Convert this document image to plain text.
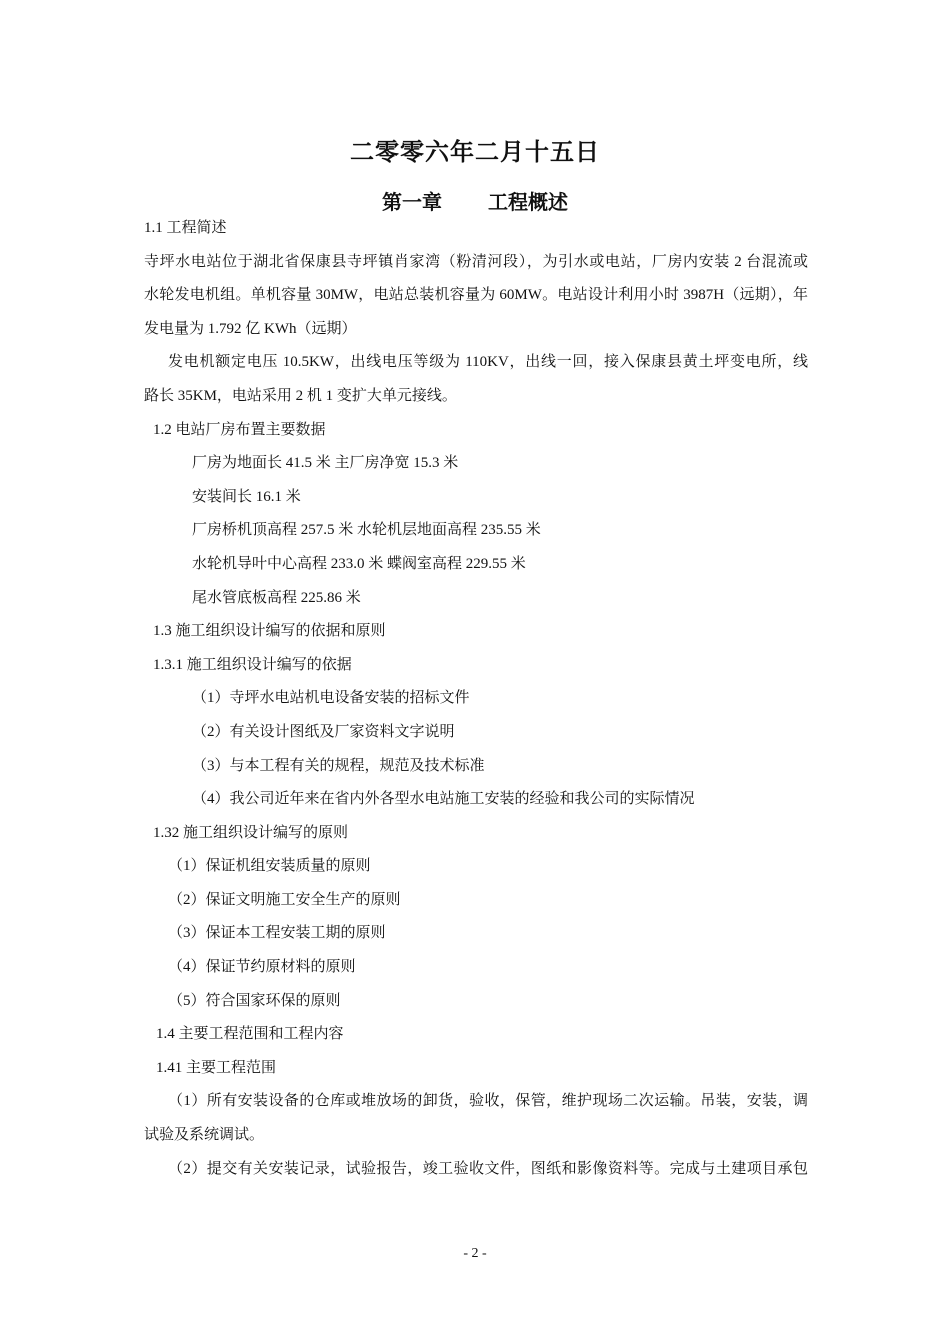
二零零六年二月十五日
第一章 工程概述
1.1 工程简述
寺坪水电站位于湖北省保康县寺坪镇肖家湾（粉清河段），为引水或电站，厂房内安装 2 台混流或
水轮发电机组。单机容量 30MW，电站总装机容量为 60MW。电站设计利用小时 3987H（远期），年
发电量为 1.792 亿 KWh（远期）
发电机额定电压 10.5KW，出线电压等级为 110KV，出线一回，接入保康县黄土坪变电所，线
路长 35KM，电站采用 2 机 1 变扩大单元接线。
1.2 电站厂房布置主要数据
厂房为地面长 41.5 米 主厂房净宽 15.3 米
安装间长 16.1 米
厂房桥机顶高程 257.5 米 水轮机层地面高程 235.55 米
水轮机导叶中心高程 233.0 米 蝶阀室高程 229.55 米
尾水管底板高程 225.86 米
1.3 施工组织设计编写的依据和原则
1.3.1 施工组织设计编写的依据
（1）寺坪水电站机电设备安装的招标文件
（2）有关设计图纸及厂家资料文字说明
（3）与本工程有关的规程，规范及技术标准
（4）我公司近年来在省内外各型水电站施工安装的经验和我公司的实际情况
1.32 施工组织设计编写的原则
（1）保证机组安装质量的原则
（2）保证文明施工安全生产的原则
（3）保证本工程安装工期的原则
（4）保证节约原材料的原则
（5）符合国家环保的原则
1.4 主要工程范围和工程内容
1.41 主要工程范围
（1）所有安装设备的仓库或堆放场的卸货，验收，保管，维护现场二次运输。吊装，安装，调
试验及系统调试。
（2）提交有关安装记录，试验报告，竣工验收文件，图纸和影像资料等。完成与土建项目承包
- 2 -
